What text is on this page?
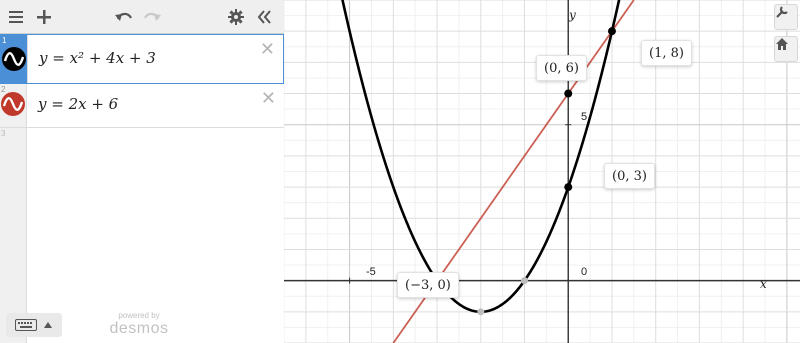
1
y = x² + 4x + 3	✕
2
y = 2x + 6	✕
3
powered by
desmos
y
x
-5	0
5
(0, 6)
(1, 8)
(0, 3)
(−3, 0)
